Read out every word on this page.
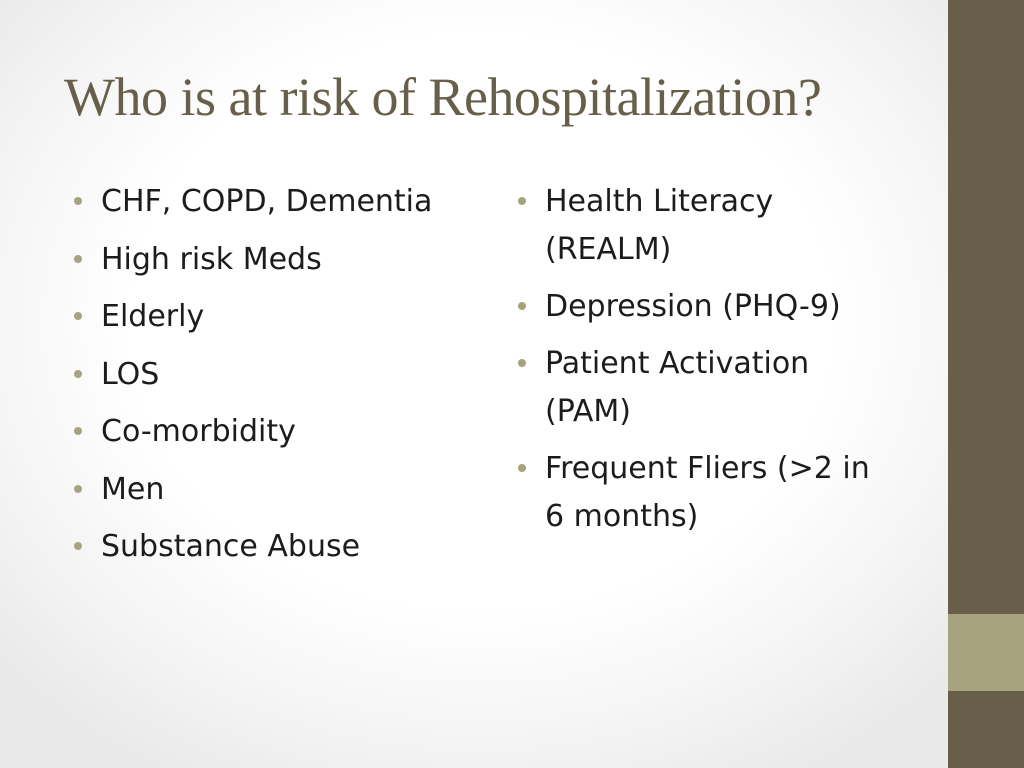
Who is at risk of Rehospitalization?
CHF, COPD, Dementia
High risk Meds
Elderly
LOS
Co-morbidity
Men
Substance Abuse
Health Literacy (REALM)
Depression (PHQ-9)
Patient Activation (PAM)
Frequent Fliers (>2 in 6 months)
